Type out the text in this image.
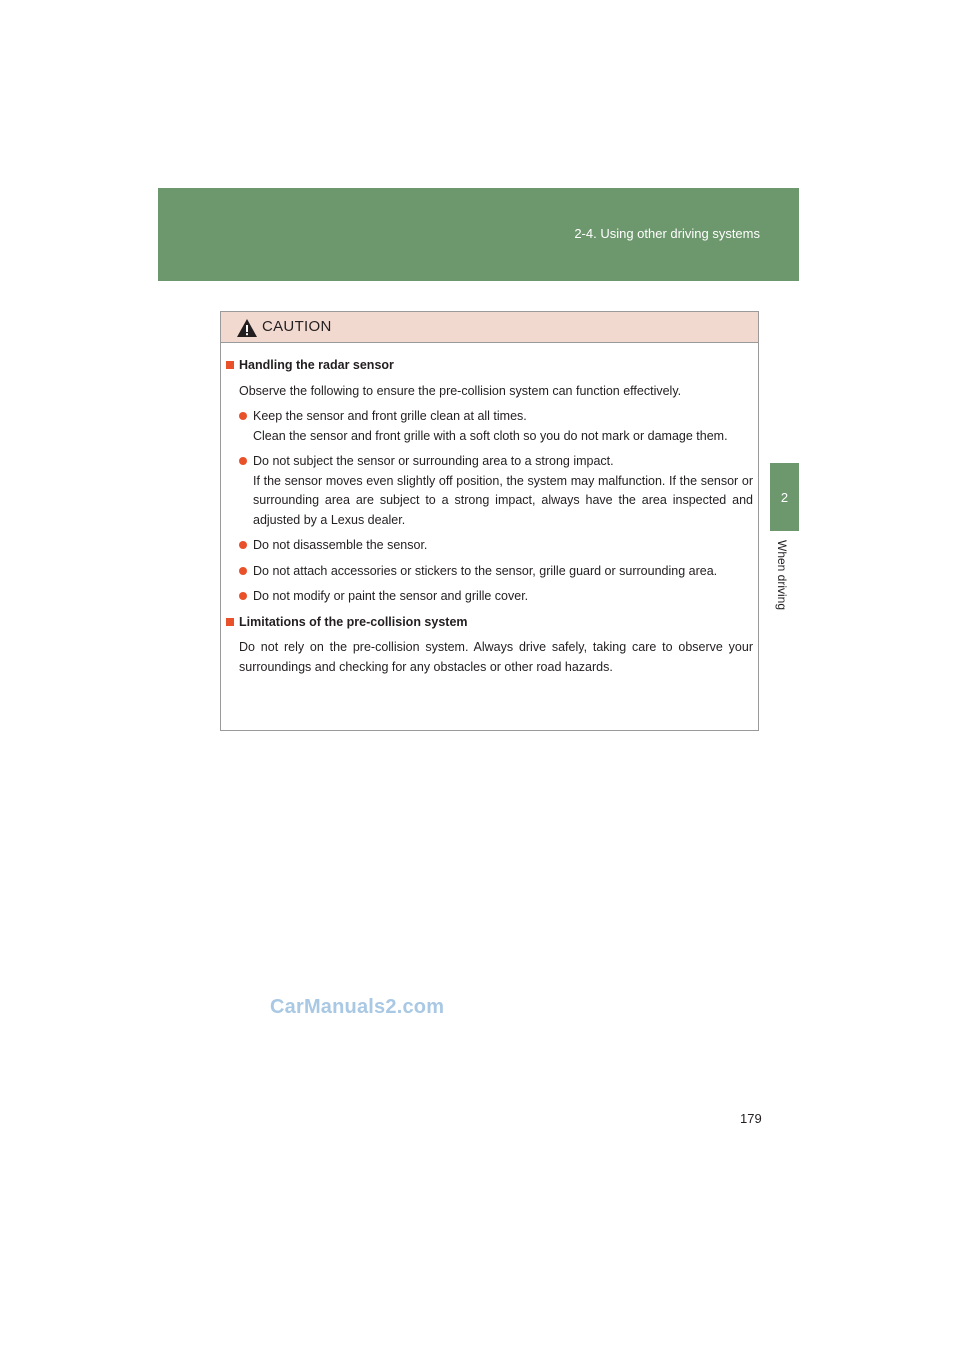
2-4. Using other driving systems
2
When driving
CAUTION
Handling the radar sensor
Observe the following to ensure the pre-collision system can function effectively.
Keep the sensor and front grille clean at all times.
Clean the sensor and front grille with a soft cloth so you do not mark or damage them.
Do not subject the sensor or surrounding area to a strong impact.
If the sensor moves even slightly off position, the system may malfunction. If the sensor or surrounding area are subject to a strong impact, always have the area inspected and adjusted by a Lexus dealer.
Do not disassemble the sensor.
Do not attach accessories or stickers to the sensor, grille guard or surrounding area.
Do not modify or paint the sensor and grille cover.
Limitations of the pre-collision system
Do not rely on the pre-collision system. Always drive safely, taking care to observe your surroundings and checking for any obstacles or other road hazards.
CarManuals2.com
179
